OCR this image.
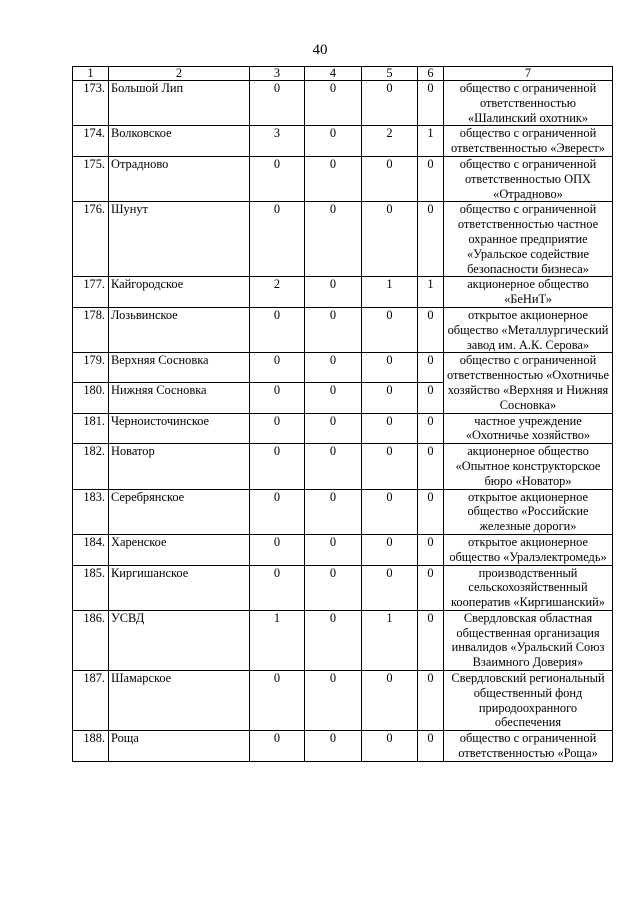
40
1	2	3	4	5	6	7
173.	Большой Лип	0	0	0	0	общество с ограниченной ответственностью «Шалинский охотник»
174.	Волковское	3	0	2	1	общество с ограниченной ответственностью «Эверест»
175.	Отрадново	0	0	0	0	общество с ограниченной ответственностью ОПХ «Отрадново»
176.	Шунут	0	0	0	0	общество с ограниченной ответственностью частное охранное предприятие «Уральское содействие безопасности бизнеса»
177.	Кайгородское	2	0	1	1	акционерное общество «БеНиТ»
178.	Лозьвинское	0	0	0	0	открытое акционерное общество «Металлургический завод им. А.К. Серова»
179.	Верхняя Сосновка	0	0	0	0	общество с ограниченной ответственностью «Охотничье хозяйство «Верхняя и Нижняя Сосновка»
180.	Нижняя Сосновка	0	0	0	0	
181.	Черноисточинское	0	0	0	0	частное учреждение «Охотничье хозяйство»
182.	Новатор	0	0	0	0	акционерное общество «Опытное конструкторское бюро «Новатор»
183.	Серебрянское	0	0	0	0	открытое акционерное общество «Российские железные дороги»
184.	Харенское	0	0	0	0	открытое акционерное общество «Уралэлектромедь»
185.	Киргишанское	0	0	0	0	производственный сельскохозяйственный кооператив «Киргишанский»
186.	УСВД	1	0	1	0	Свердловская областная общественная организация инвалидов «Уральский Союз Взаимного Доверия»
187.	Шамарское	0	0	0	0	Свердловский региональный общественный фонд природоохранного обеспечения
188.	Роща	0	0	0	0	общество с ограниченной ответственностью «Роща»
